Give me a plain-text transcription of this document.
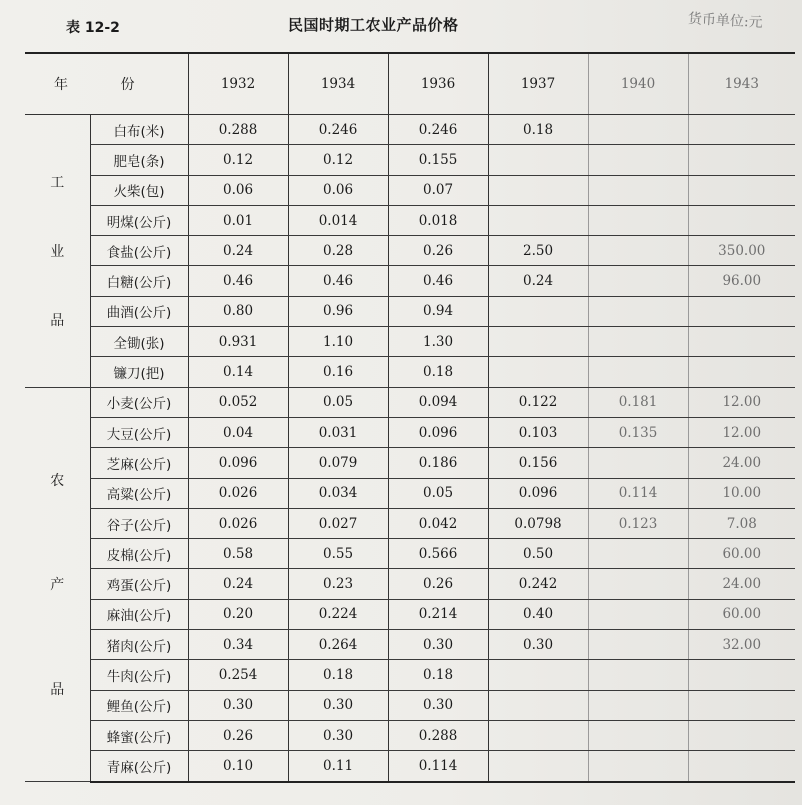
表 12-2	民国时期工农业产品价格	货币单位:元
年 份		1932	1934	1936	1937	1940	1943

工
业
品	白布(米)	0.288	0.246	0.246	0.18		
	肥皂(条)	0.12	0.12	0.155			
	火柴(包)	0.06	0.06	0.07			
	明煤(公斤)	0.01	0.014	0.018			
	食盐(公斤)	0.24	0.28	0.26	2.50		350.00
	白糖(公斤)	0.46	0.46	0.46	0.24		96.00
	曲酒(公斤)	0.80	0.96	0.94			
	全锄(张)	0.931	1.10	1.30			
	镰刀(把)	0.14	0.16	0.18			

农
产
品	小麦(公斤)	0.052	0.05	0.094	0.122	0.181	12.00
	大豆(公斤)	0.04	0.031	0.096	0.103	0.135	12.00
	芝麻(公斤)	0.096	0.079	0.186	0.156		24.00
	高粱(公斤)	0.026	0.034	0.05	0.096	0.114	10.00
	谷子(公斤)	0.026	0.027	0.042	0.0798	0.123	7.08
	皮棉(公斤)	0.58	0.55	0.566	0.50		60.00
	鸡蛋(公斤)	0.24	0.23	0.26	0.242		24.00
	麻油(公斤)	0.20	0.224	0.214	0.40		60.00
	猪肉(公斤)	0.34	0.264	0.30	0.30		32.00
	牛肉(公斤)	0.254	0.18	0.18			
	鲤鱼(公斤)	0.30	0.30	0.30			
	蜂蜜(公斤)	0.26	0.30	0.288			
	青麻(公斤)	0.10	0.11	0.114			
